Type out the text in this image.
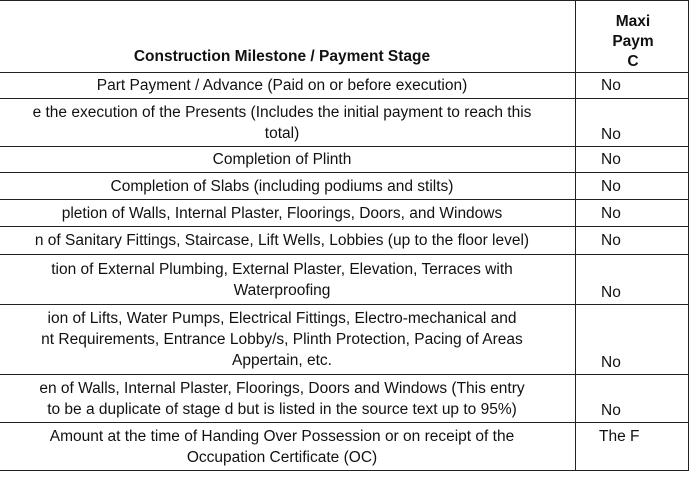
Construction Milestone / Payment Stage	Maxi
Paym
C

Part Payment / Advance (Paid on or before execution)	No

e the execution of the Presents (Includes the initial payment to reach this
total)	No

Completion of Plinth	No

Completion of Slabs (including podiums and stilts)	No

pletion of Walls, Internal Plaster, Floorings, Doors, and Windows	No

n of Sanitary Fittings, Staircase, Lift Wells, Lobbies (up to the floor level)	No

tion of External Plumbing, External Plaster, Elevation, Terraces with
Waterproofing	No

ion of Lifts, Water Pumps, Electrical Fittings, Electro-mechanical and
nt Requirements, Entrance Lobby/s, Plinth Protection, Pacing of Areas
Appertain, etc.	No

en of Walls, Internal Plaster, Floorings, Doors and Windows (This entry
to be a duplicate of stage d but is listed in the source text up to 95%)	No

Amount at the time of Handing Over Possession or on receipt of the
Occupation Certificate (OC)	The F
